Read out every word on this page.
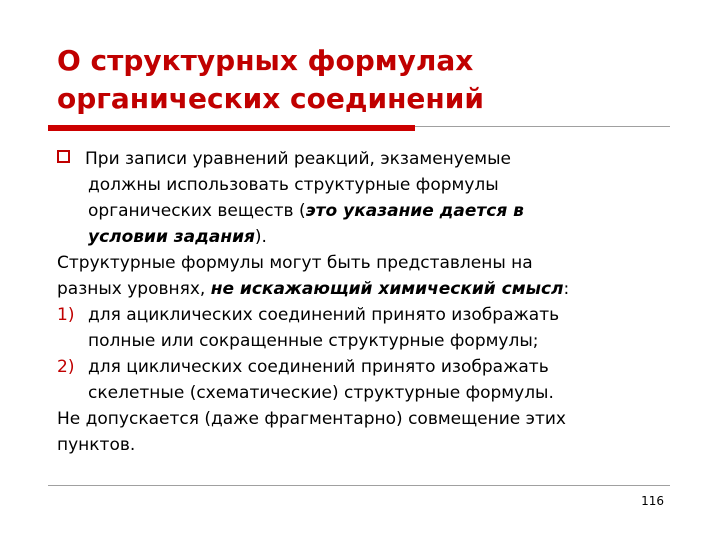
О структурных формулах
органических соединений
При записи уравнений реакций, экзаменуемые
должны использовать структурные формулы
органических веществ (это указание дается в
условии задания).
Структурные формулы могут быть представлены на
разных уровнях, не искажающий химический смысл:
1) для ациклических соединений принято изображать
полные или сокращенные структурные формулы;
2) для циклических соединений принято изображать
скелетные (схематические) структурные формулы.
Не допускается (даже фрагментарно) совмещение этих
пунктов.
116
